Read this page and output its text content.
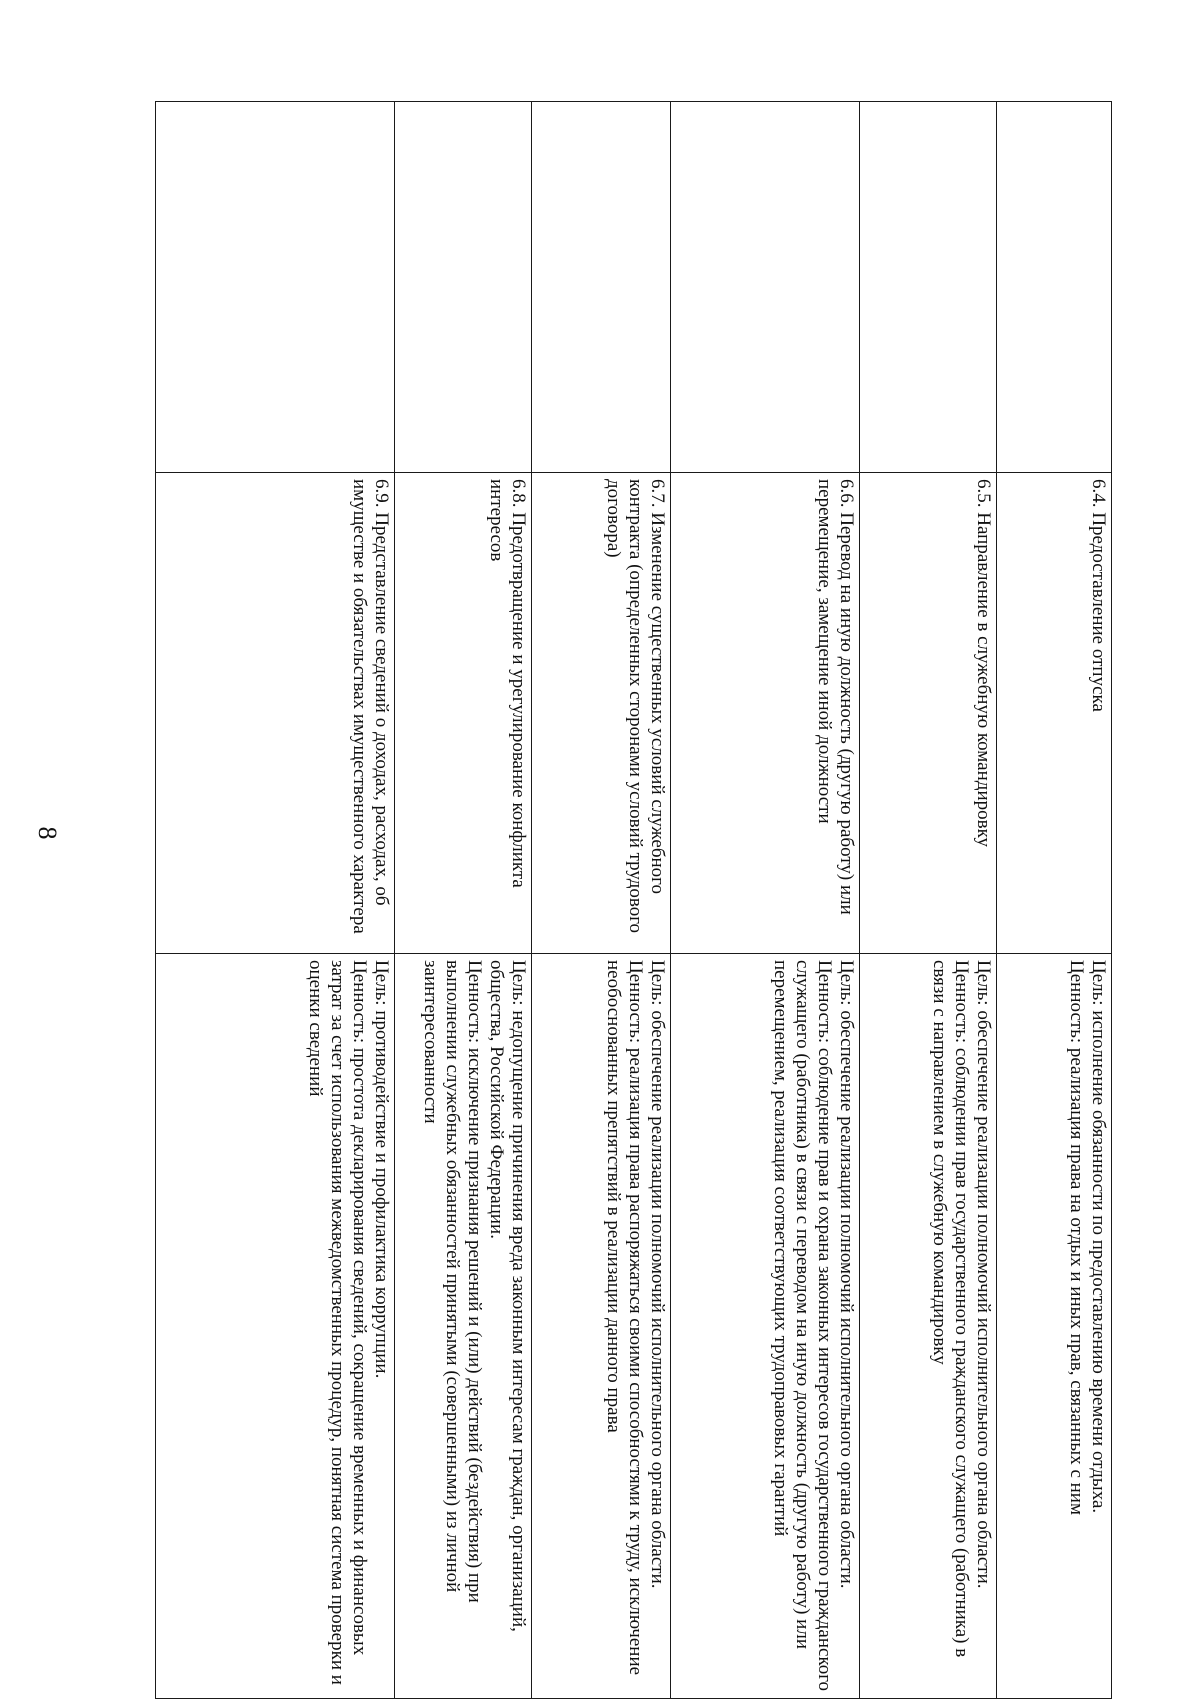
8
	6.4. Предоставление отпуска	Цель: исполнение обязанности по предоставлению времени отдыха.
Ценность: реализация права на отдых и иных прав, связанных с ним

	6.5. Направление в служебную командировку	Цель: обеспечение реализации полномочий исполнительного органа области.
Ценность: соблюдении прав государственного гражданского служащего (работника) в связи с направлением в служебную командировку

	6.6. Перевод на иную должность (другую работу) или перемещение, замещение иной должности	Цель: обеспечение реализации полномочий исполнительного органа области.
Ценность: соблюдение прав и охрана законных интересов государственного гражданского служащего (работника) в связи с переводом на иную должность (другую работу) или перемещением, реализация соответствующих трудоправовых гарантий

	6.7. Изменение существенных условий служебного контракта (определенных сторонами условий трудового договора)	Цель: обеспечение реализации полномочий исполнительного органа области.
Ценность: реализация права распоряжаться своими способностями к труду, исключение необоснованных препятствий в реализации данного права

	6.8. Предотвращение и урегулирование конфликта интересов	Цель: недопущение причинения вреда законным интересам граждан, организаций, общества, Российской Федерации.
Ценность: исключение признания решений и (или) действий (бездействия) при выполнении служебных обязанностей принятыми (совершенными) из личной заинтересованности

	6.9. Представление сведений о доходах, расходах, об имуществе и обязательствах имущественного характера	Цель: противодействие и профилактика коррупции.
Ценность: простота декларирования сведений, сокращение временных и финансовых затрат за счет использования межведомственных процедур, понятная система проверки и оценки сведений
